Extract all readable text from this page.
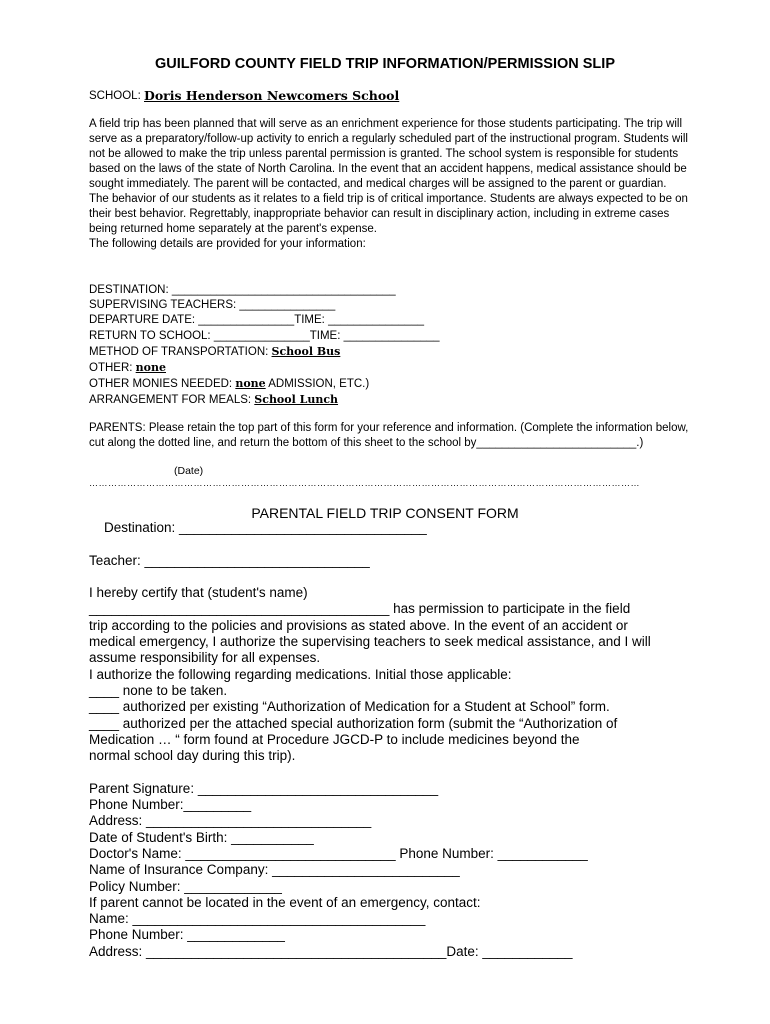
GUILFORD COUNTY FIELD TRIP INFORMATION/PERMISSION SLIP
SCHOOL: Doris Henderson Newcomers School

A field trip has been planned that will serve as an enrichment experience for those students participating. The trip will serve as a preparatory/follow-up activity to enrich a regularly scheduled part of the instructional program. Students will not be allowed to make the trip unless parental permission is granted. The school system is responsible for students based on the laws of the state of North Carolina. In the event that an accident happens, medical assistance should be sought immediately. The parent will be contacted, and medical charges will be assigned to the parent or guardian.

The behavior of our students as it relates to a field trip is of critical importance. Students are always expected to be on their best behavior. Regrettably, inappropriate behavior can result in disciplinary action, including in extreme cases being returned home separately at the parent's expense.

The following details are provided for your information:

DESTINATION: ___________________________________
SUPERVISING TEACHERS: _______________
DEPARTURE DATE: _______________TIME: _______________
RETURN TO SCHOOL: _______________TIME: _______________
METHOD OF TRANSPORTATION: School Bus
OTHER: none
OTHER MONIES NEEDED: none ADMISSION, ETC.)
ARRANGEMENT FOR MEALS: School Lunch

PARENTS: Please retain the top part of this form for your reference and information. (Complete the information below, cut along the dotted line, and return the bottom of this sheet to the school by_________________________.)

(Date)
…………………………………………………………………………………………………………………………………………………………
PARENTAL FIELD TRIP CONSENT FORM
Destination: _________________________________
Teacher: ______________________________
I hereby certify that (student's name)
________________________________________ has permission to participate in the field
trip according to the policies and provisions as stated above. In the event of an accident or
medical emergency, I authorize the supervising teachers to seek medical assistance, and I will
assume responsibility for all expenses.
I authorize the following regarding medications. Initial those applicable:
____ none to be taken.
____ authorized per existing “Authorization of Medication for a Student at School” form.
____ authorized per the attached special authorization form (submit the “Authorization of
Medication … “ form found at Procedure JGCD-P to include medicines beyond the
normal school day during this trip).
Parent Signature: ________________________________
Phone Number:_________
Address: ______________________________
Date of Student's Birth: ___________
Doctor's Name: ____________________________ Phone Number: ____________
Name of Insurance Company: _________________________
Policy Number: _____________
If parent cannot be located in the event of an emergency, contact:
Name: _______________________________________
Phone Number: _____________
Address: ________________________________________Date: ____________
